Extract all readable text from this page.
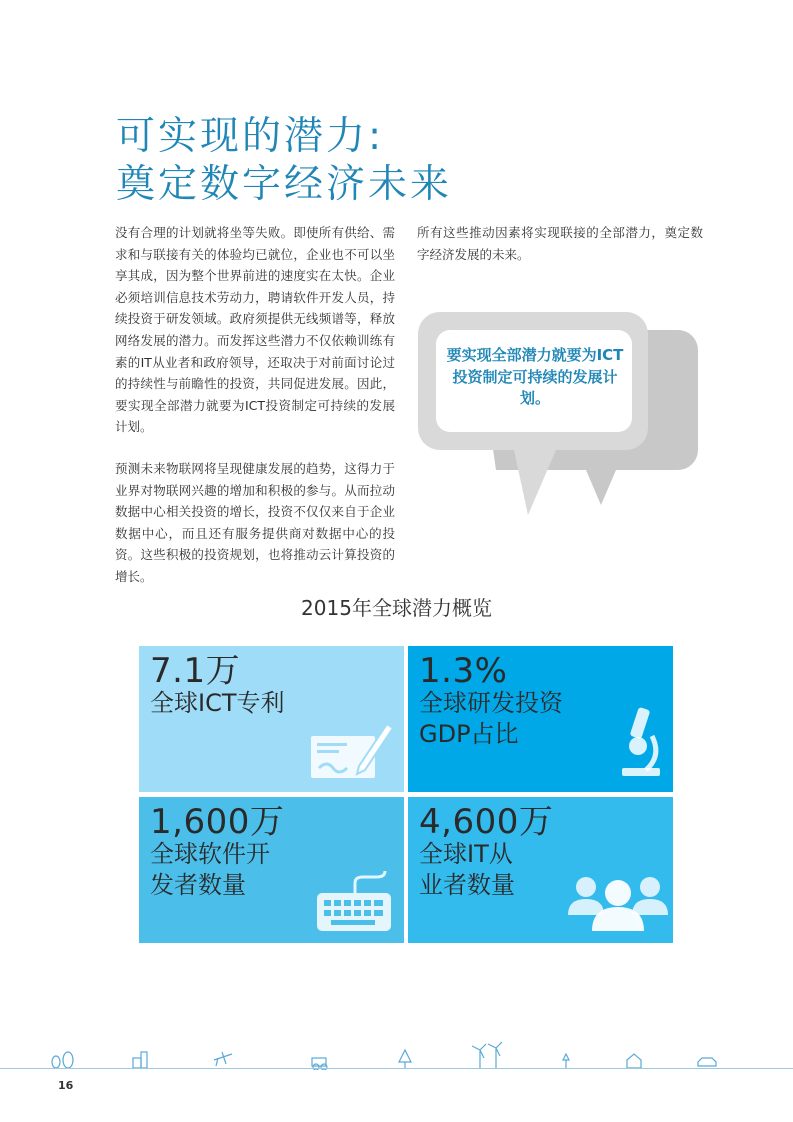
可实现的潜力:
奠定数字经济未来

没有合理的计划就将坐等失败。即使所有供给、需求和与联接有关的体验均已就位，企业也不可以坐享其成，因为整个世界前进的速度实在太快。企业必须培训信息技术劳动力，聘请软件开发人员，持续投资于研发领域。政府须提供无线频谱等，释放网络发展的潜力。而发挥这些潜力不仅依赖训练有素的IT从业者和政府领导，还取决于对前面讨论过的持续性与前瞻性的投资，共同促进发展。因此，要实现全部潜力就要为ICT投资制定可持续的发展计划。

预测未来物联网将呈现健康发展的趋势，这得力于业界对物联网兴趣的增加和积极的参与。从而拉动数据中心相关投资的增长，投资不仅仅来自于企业数据中心，而且还有服务提供商对数据中心的投资。这些积极的投资规划，也将推动云计算投资的增长。

所有这些推动因素将实现联接的全部潜力，奠定数字经济发展的未来。

要实现全部潜力就要为ICT投资制定可持续的发展计划。
2015年全球潜力概览
7.1万
全球ICT专利
1.3%
全球研发投资
GDP占比
1,600万
全球软件开
发者数量
4,600万
全球IT从
业者数量
16
